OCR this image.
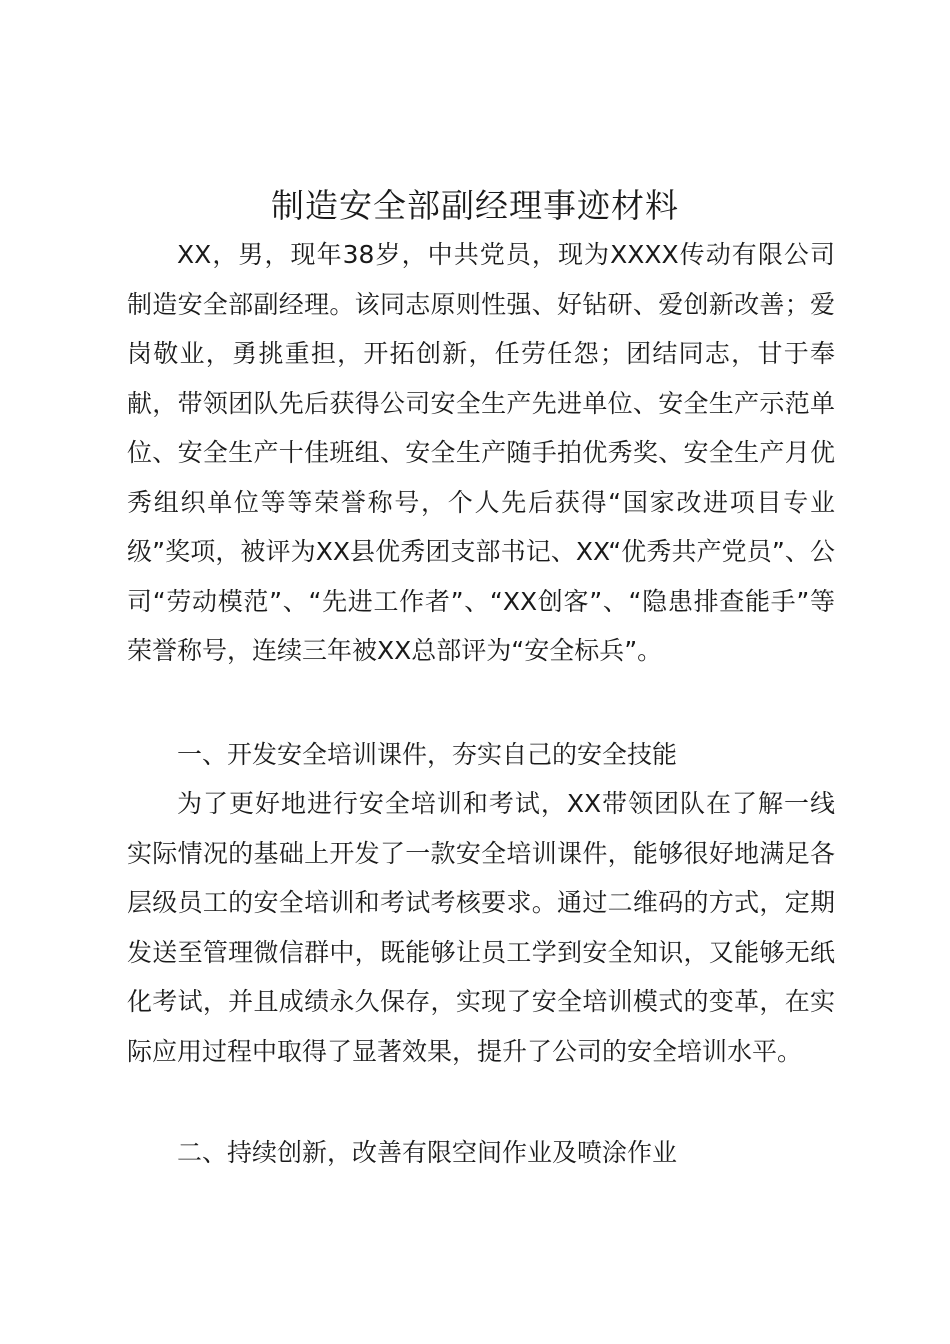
制造安全部副经理事迹材料

XX，男，现年38岁，中共党员，现为XXXX传动有限公司制造安全部副经理。该同志原则性强、好钻研、爱创新改善；爱岗敬业，勇挑重担，开拓创新，任劳任怨；团结同志，甘于奉献，带领团队先后获得公司安全生产先进单位、安全生产示范单位、安全生产十佳班组、安全生产随手拍优秀奖、安全生产月优秀组织单位等等荣誉称号，个人先后获得“国家改进项目专业级”奖项，被评为XX县优秀团支部书记、XX“优秀共产党员”、公司“劳动模范”、“先进工作者”、“XX创客”、“隐患排查能手”等荣誉称号，连续三年被XX总部评为“安全标兵”。

一、开发安全培训课件，夯实自己的安全技能

为了更好地进行安全培训和考试，XX带领团队在了解一线实际情况的基础上开发了一款安全培训课件，能够很好地满足各层级员工的安全培训和考试考核要求。通过二维码的方式，定期发送至管理微信群中，既能够让员工学到安全知识，又能够无纸化考试，并且成绩永久保存，实现了安全培训模式的变革，在实际应用过程中取得了显著效果，提升了公司的安全培训水平。

二、持续创新，改善有限空间作业及喷涂作业
